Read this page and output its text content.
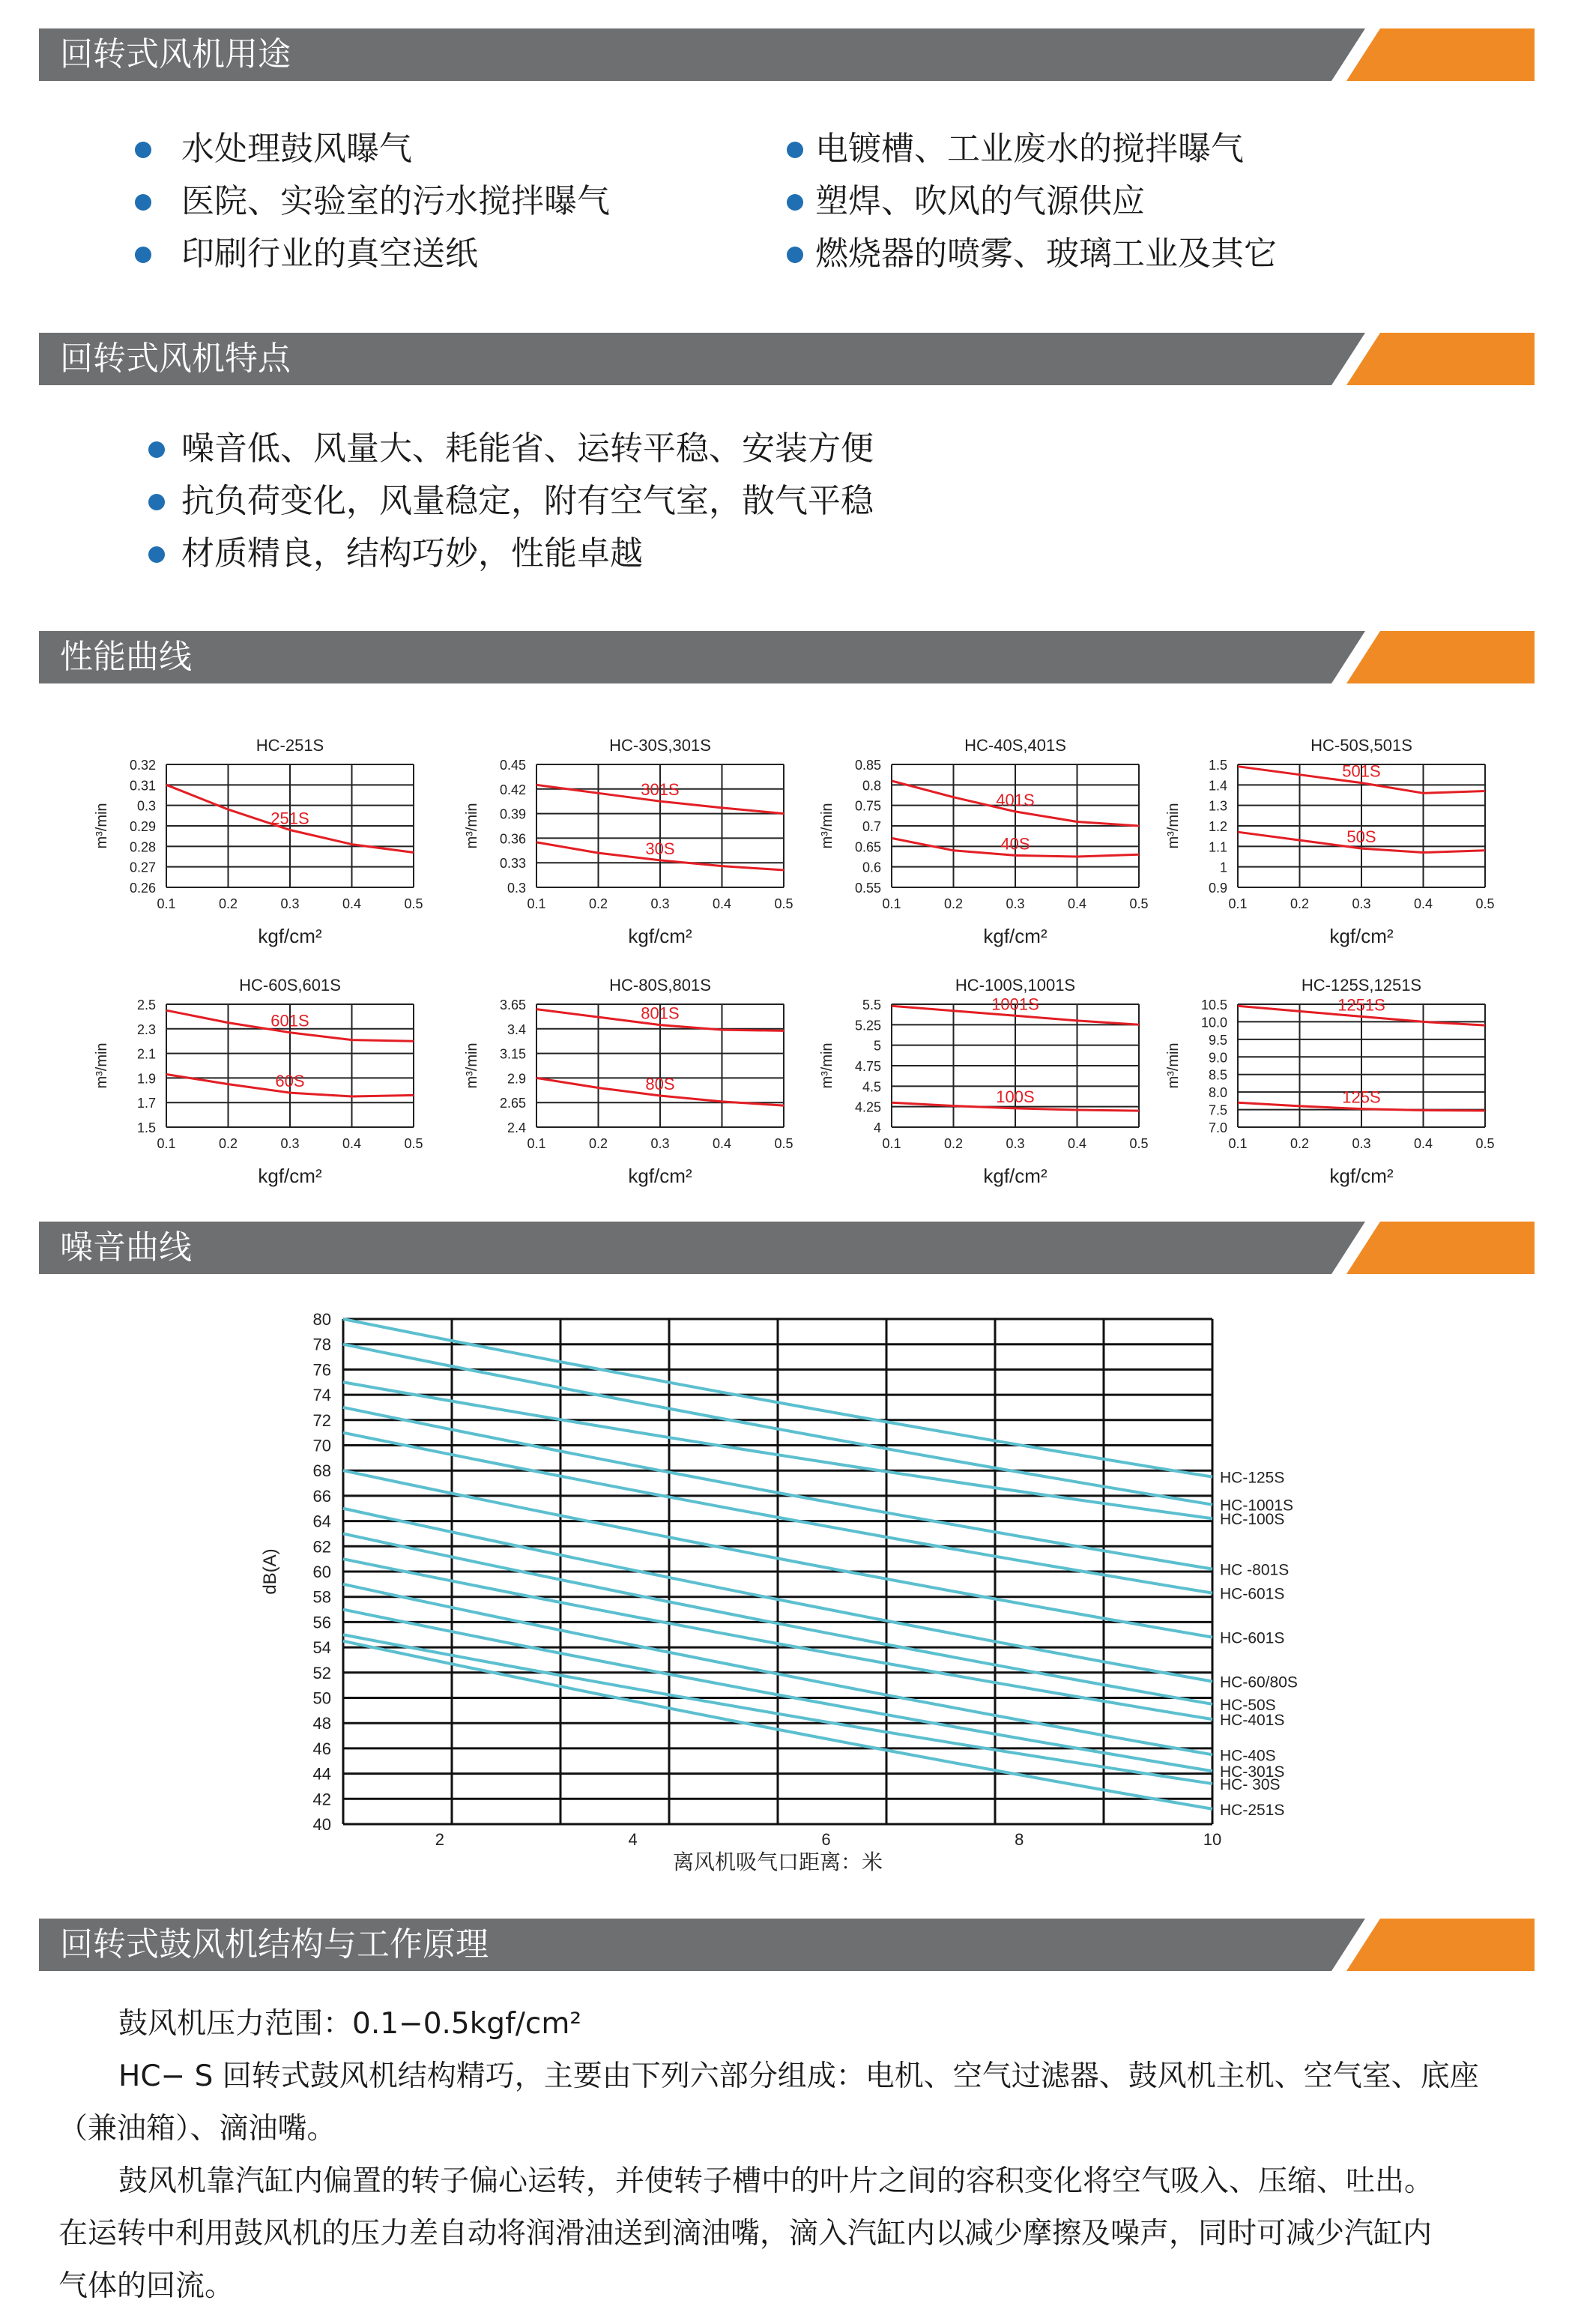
回转式风机用途
水处理鼓风曝气
医院、实验室的污水搅拌曝气
印刷行业的真空送纸
电镀槽、工业废水的搅拌曝气
塑焊、吹风的气源供应
燃烧器的喷雾、玻璃工业及其它
回转式风机特点
噪音低、风量大、耗能省、运转平稳、安装方便
抗负荷变化，风量稳定，附有空气室，散气平稳
材质精良，结构巧妙，性能卓越
性能曲线
HC-251S
0.32
0.31
0.3
0.29
0.28
0.27
0.26
0.1	0.2	0.3	0.4	0.5
kgf/cm²
m³/min	251S
HC-30S,301S
0.45
0.42
0.39
0.36
0.33
0.3
0.1	0.2	0.3	0.4	0.5
kgf/cm²
m³/min
301S
30S
HC-40S,401S
0.85
0.8
0.75
0.7
0.65
0.6
0.55
0.1	0.2	0.3	0.4	0.5
kgf/cm²
m³/min
401S
40S
HC-50S,501S
1.5
1.4
1.3
1.2
1.1
1
0.9
0.1	0.2	0.3	0.4	0.5
kgf/cm²
m³/min
501S
50S
HC-60S,601S
2.5
2.3
2.1
1.9
1.7
1.5
0.1	0.2	0.3	0.4	0.5
kgf/cm²
m³/min
601S
60S
HC-80S,801S
3.65
3.4
3.15
2.9
2.65
2.4
0.1	0.2	0.3	0.4	0.5
kgf/cm²
m³/min
801S
80S
HC-100S,1001S
5.5
5.25
5
4.75
4.5
4.25
4
0.1	0.2	0.3	0.4	0.5
kgf/cm²
m³/min
1001S
100S
HC-125S,1251S
10.5
10.0
9.5
9.0
8.5
8.0
7.5
7.0
0.1	0.2	0.3	0.4	0.5
kgf/cm²
m³/min
1251S
125S
噪音曲线
80
78
76
74
72
70
68
66
64
62
60
58
56
54
52
50
48
46
44
42
40
2	4	6	8	10
离风机吸气口距离：米
dB(A)
HC-125S
HC-1001S
HC-100S
HC -801S
HC-601S
HC-601S
HC-60/80S
HC-50S
HC-401S
HC-40S
HC-301S
HC- 30S
HC-251S
回转式鼓风机结构与工作原理
鼓风机压力范围：0.1−0.5kgf/cm²
HC− S 回转式鼓风机结构精巧，主要由下列六部分组成：电机、空气过滤器、鼓风机主机、空气室、底座
（兼油箱）、滴油嘴。
鼓风机靠汽缸内偏置的转子偏心运转，并使转子槽中的叶片之间的容积变化将空气吸入、压缩、吐出。
在运转中利用鼓风机的压力差自动将润滑油送到滴油嘴，滴入汽缸内以减少摩擦及噪声，同时可减少汽缸内
气体的回流。
